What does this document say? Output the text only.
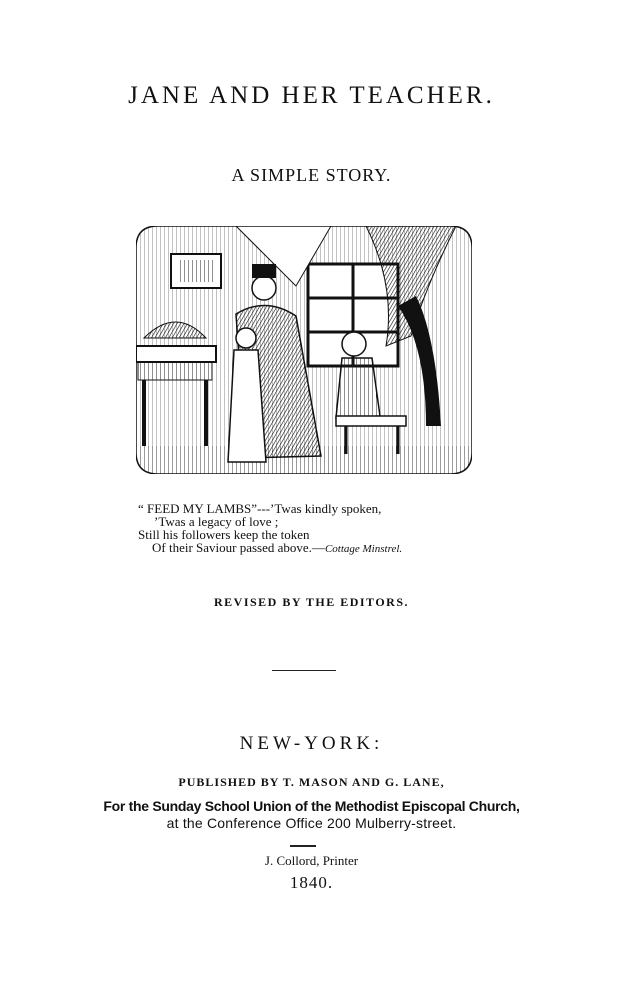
JANE AND HER TEACHER.
A SIMPLE STORY.
“ FEED MY LAMBS”---’Twas kindly spoken,
’Twas a legacy of love ;
Still his followers keep the token
Of their Saviour passed above.—Cottage Minstrel.
REVISED BY THE EDITORS.
NEW-YORK:
PUBLISHED BY T. MASON AND G. LANE,
For the Sunday School Union of the Methodist Episcopal Church,
at the Conference Office 200 Mulberry-street.
J. Collord, Printer
1840.
